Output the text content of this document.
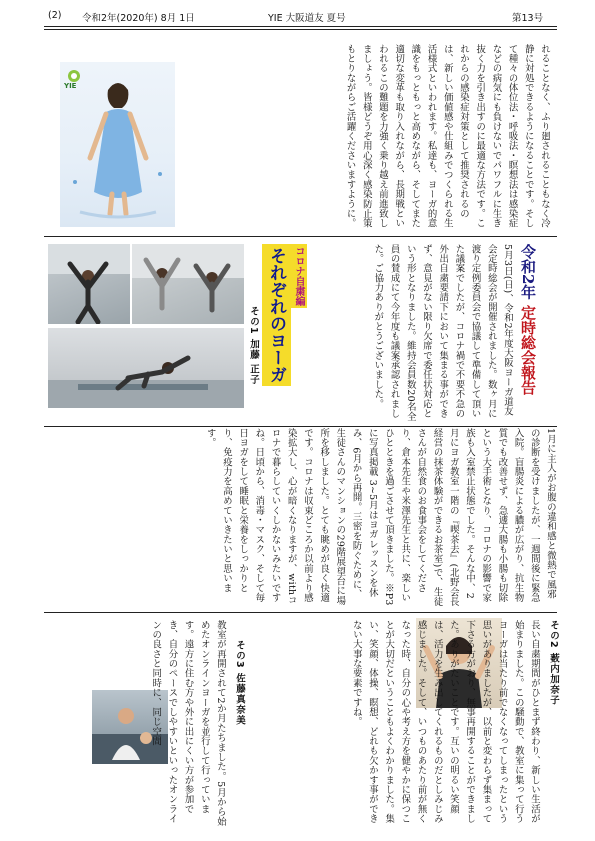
(2) 令和2年(2020年) 8月 1日	YIE 大阪道友 夏号	第13号
YIE	れることなく、ふり廻されることもなく冷静に対処できるようになることです。そして種々の体位法・呼吸法・瞑想法は感染症などの病気にも負けないでパワフルに生き抜く力を引き出すのに最適な方法です。これからの感染症対策として推奨されるのは、新しい価値感や仕組みでつくられる生活様式といわれます。私達も、ヨーガ的意識をもっともっと高めながら、そしてまた適切な変革も取り入れながら、長期戦といわれるこの難題を力強く乗り越え前進致しましょう。皆様どうぞ用心深く感染防止策もとりながらご活躍くださいますように。
令和2年 定時総会報告
5月3日(日)、令和2年度大阪ヨーガ道友会定時総会が開催されました。数ヶ月に渡り定例委員会で協議して準備して頂いた議案でしたが、コロナ禍で不要不急の外出自粛要請下において集まる事ができず、意見がない限り欠席で委任状対応という形となりました。維持会員数20名全員の賛成にて今年度も議案承認されました。ご協力ありがとうございました。
コロナ自粛編
それぞれのヨーガ
その1 加藤 正子
1月に主人がお腹の違和感と微熱で風邪の診断を受けましたが、一週間後に緊急入院。盲腸炎による膿が広がり、抗生物質でも改善せず、急遽大腸も小腸も切除という大手術となり、コロナの影響で家族も入室禁止状態でした。そんな中、2月にヨガ教室一階の『喫茶去』(北野会長経営の抹茶体験ができるお茶室)で、生徒さんが自然食のお食事会をしてくださり、倉本先生や米澤先生と共に、楽しいひとときを過ごさせて頂きました。※P3に写真掲載 3~5月はヨガレッスンを休み、6月から再開。三密を防ぐために、生徒さんのマンションの29階展望台に場所を移しました。とても眺めが良く快適です。コロナは収束どころか以前より感染拡大し、心が暗くなりますが、withコロナで暮らしていくしかないみたいですね。日頃から、消毒・マスク、そして毎日ヨガをして睡眠と栄養をしっかりとり、免疫力を高めていきたいと思います。
その2 薮内加奈子
長い自粛期間がひとまず終わり、新しい生活が始まりました。この騒動で、教室に集って行うヨーガは当たり前でなくなってしまったという思いがありましたが、以前と変わらず集まって下さる方がおり、無事再開することができました。ありがたいことです。互いの明るい笑顔は、活力を生み出してくれるものだとしみじみ感じました。そして、いつものあたり前が無くなった時、自分の心や考え方を健やかに保つことが大切だということもよくわかりました。集い、笑顔、体操、瞑想、どれも欠かす事ができない大事な要素ですね。
その3 佐藤真奈美
教室が再開されて2か月たちました。5月から始めたオンラインヨーガを並行して行っています。遠方に住む方や外に出にくい方が参加でき、自分のペースでしやすいといったオンラインの良さと同時に、同じ空間
